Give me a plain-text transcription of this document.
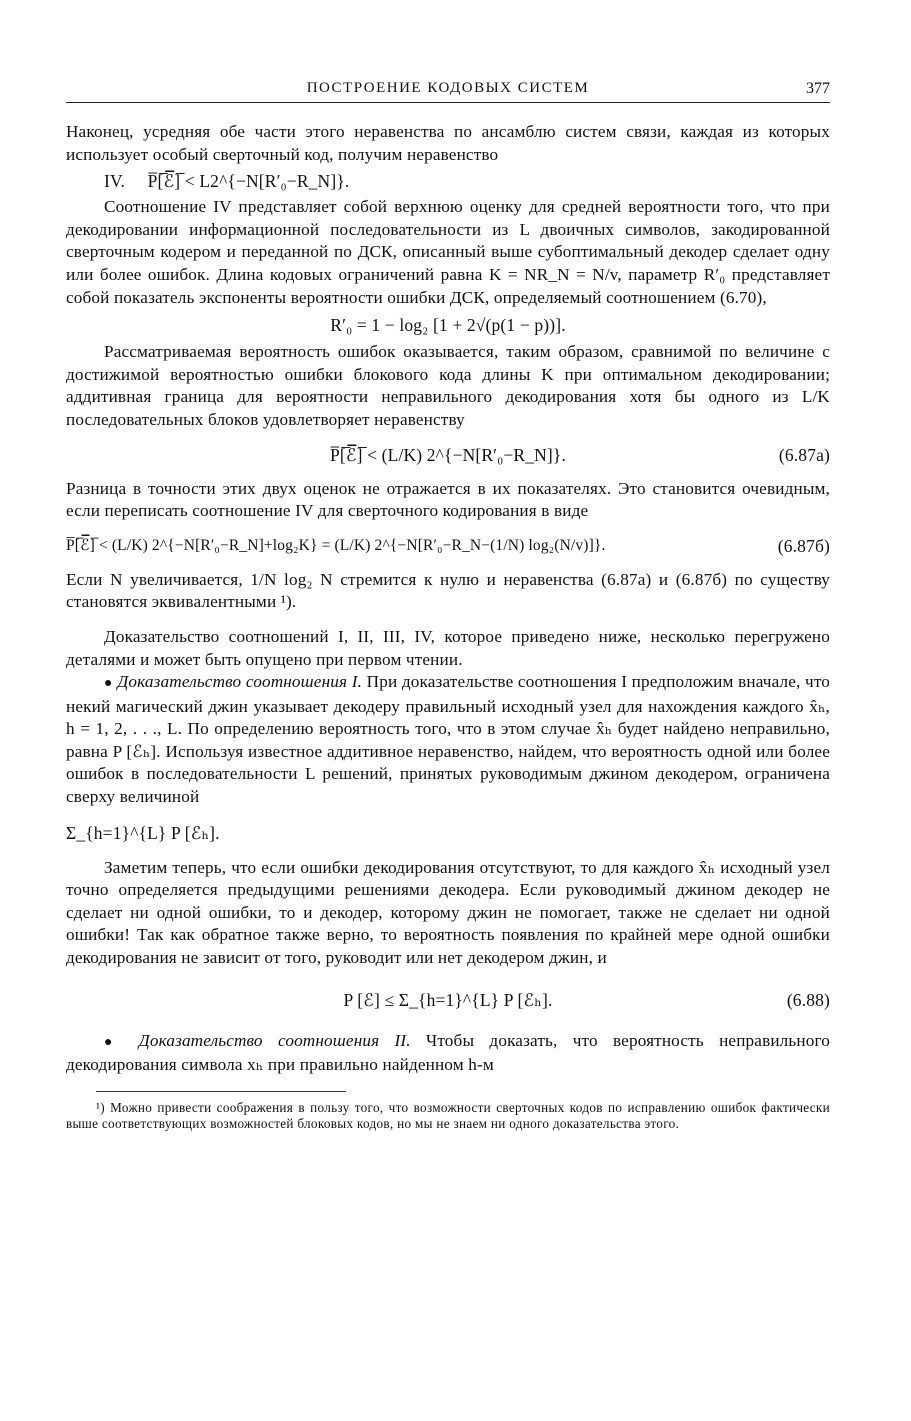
ПОСТРОЕНИЕ КОДОВЫХ СИСТЕМ	377

Наконец, усредняя обе части этого неравенства по ансамблю систем связи, каждая из которых использует особый сверточный код, получим неравенство

IV. P̅[̅ℰ̅]̅ < L2^{−N[R′₀−R_N]}.

Соотношение IV представляет собой верхнюю оценку для средней вероятности того, что при декодировании информационной последовательности из L двоичных символов, закодированной сверточным кодером и переданной по ДСК, описанный выше субоптимальный декодер сделает одну или более ошибок. Длина кодовых ограничений равна K = NR_N = N/v, параметр R′₀ представляет собой показатель экспоненты вероятности ошибки ДСК, определяемый соотношением (6.70),

R′₀ = 1 − log₂ [1 + 2√(p(1 − p))].

Рассматриваемая вероятность ошибок оказывается, таким образом, сравнимой по величине с достижимой вероятностью ошибки блокового кода длины K при оптимальном декодировании; аддитивная граница для вероятности неправильного декодирования хотя бы одного из L/K последовательных блоков удовлетворяет неравенству

P̅[̅ℰ̅]̅ < (L/K) 2^{−N[R′₀−R_N]}.	(6.87а)

Разница в точности этих двух оценок не отражается в их показателях. Это становится очевидным, если переписать соотношение IV для сверточного кодирования в виде

P̅[̅ℰ̅]̅ < (L/K) 2^{−N[R′₀−R_N]+log₂K} = (L/K) 2^{−N[R′₀−R_N−(1/N) log₂(N/v)]}.	(6.87б)

Если N увеличивается, 1/N log₂ N стремится к нулю и неравенства (6.87а) и (6.87б) по существу становятся эквивалентными ¹).

Доказательство соотношений I, II, III, IV, которое приведено ниже, несколько перегружено деталями и может быть опущено при первом чтении.

● Доказательство соотношения I. При доказательстве соотношения I предположим вначале, что некий магический джин указывает декодеру правильный исходный узел для нахождения каждого x̂ₕ, h = 1, 2, . . ., L. По определению вероятность того, что в этом случае x̂ₕ будет найдено неправильно, равна P [ℰₕ]. Используя известное аддитивное неравенство, найдем, что вероятность одной или более ошибок в последовательности L решений, принятых руководимым джином декодером, ограничена сверху величиной

Σ_{h=1}^{L} P [ℰₕ].

Заметим теперь, что если ошибки декодирования отсутствуют, то для каждого x̂ₕ исходный узел точно определяется предыдущими решениями декодера. Если руководимый джином декодер не сделает ни одной ошибки, то и декодер, которому джин не помогает, также не сделает ни одной ошибки! Так как обратное также верно, то вероятность появления по крайней мере одной ошибки декодирования не зависит от того, руководит или нет декодером джин, и

P [ℰ] ≤ Σ_{h=1}^{L} P [ℰₕ].	(6.88)

● Доказательство соотношения II. Чтобы доказать, что вероятность неправильного декодирования символа xₕ при правильно найденном h-м

¹) Можно привести соображения в пользу того, что возможности сверточных кодов по исправлению ошибок фактически выше соответствующих возможностей блоковых кодов, но мы не знаем ни одного доказательства этого.
